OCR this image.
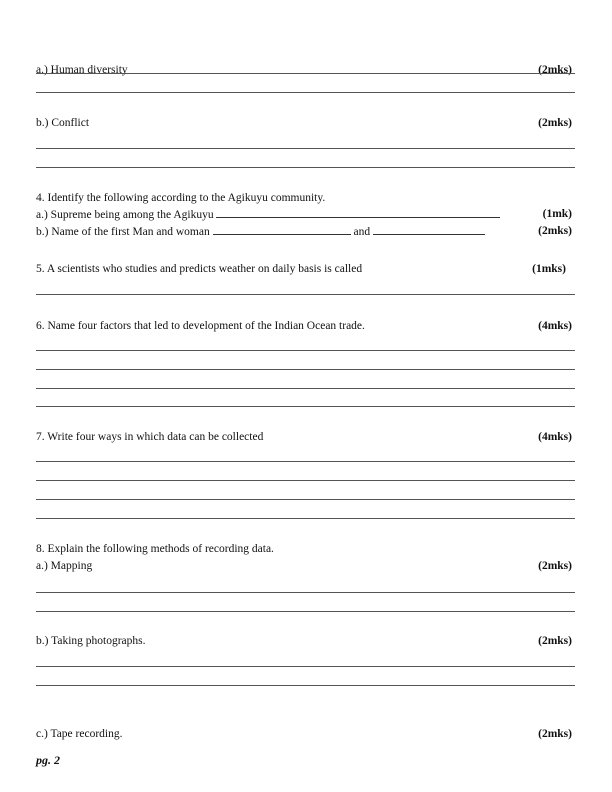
a.) Human diversity	(2mks)
b.) Conflict	(2mks)
4. Identify the following according to the Agikuyu community.
a.) Supreme being among the Agikuyu	(1mk)
b.) Name of the first Man and woman	and	(2mks)
5. A scientists who studies and predicts weather on daily basis is called	(1mks)
6. Name four factors that led to development of the Indian Ocean trade.	(4mks)
7. Write four ways in which data can be collected	(4mks)
8. Explain the following methods of recording data.
a.) Mapping	(2mks)
b.) Taking photographs.	(2mks)
c.) Tape recording.	(2mks)
pg. 2
